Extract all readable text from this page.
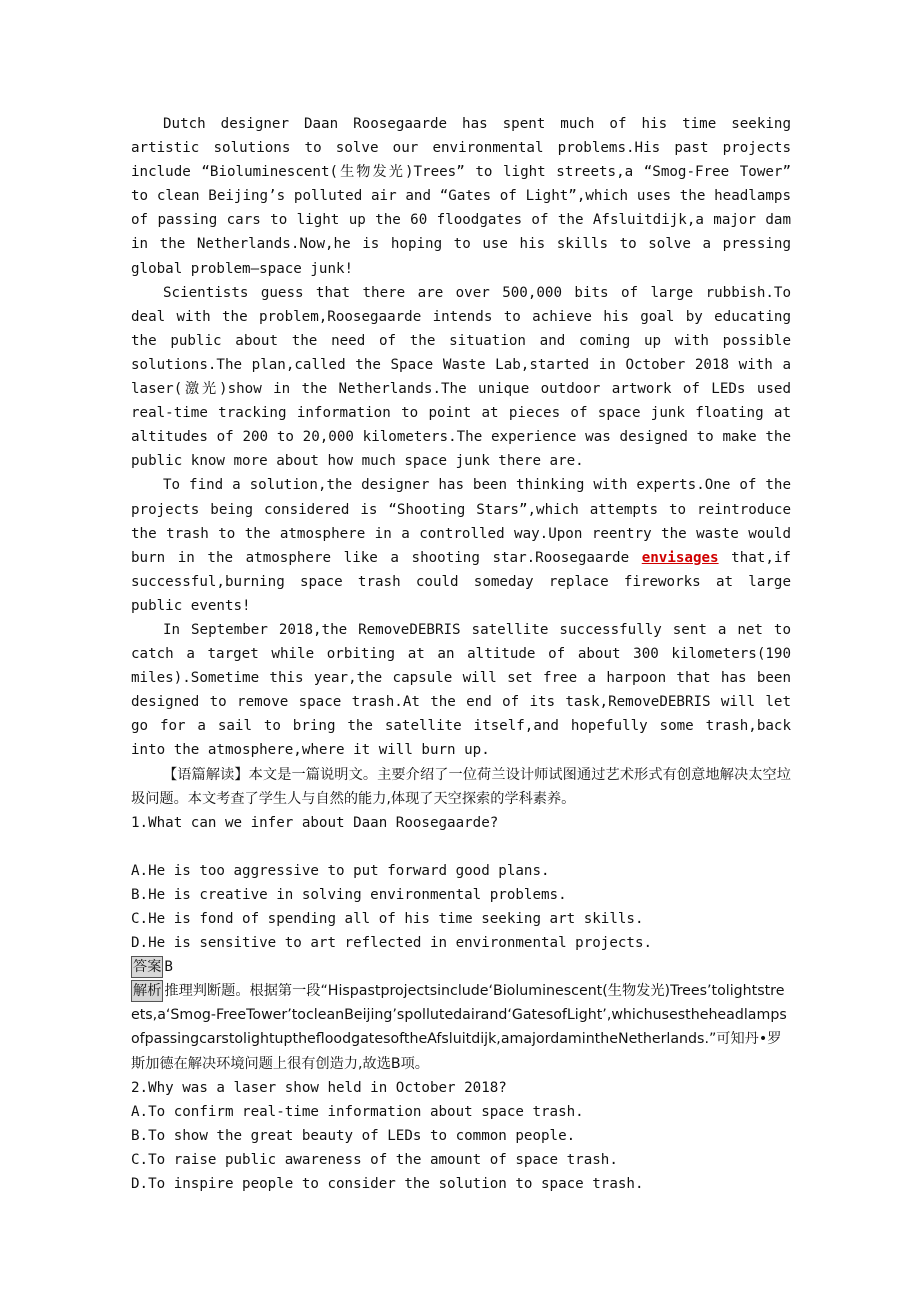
Dutch designer Daan Roosegaarde has spent much of his time seeking artistic solutions to solve our environmental problems.His past projects include “Bioluminescent(生物发光)Trees” to light streets,a “Smog-Free Tower” to clean Beijing’s polluted air and “Gates of Light”,which uses the headlamps of passing cars to light up the 60 floodgates of the Afsluitdijk,a major dam in the Netherlands.Now,he is hoping to use his skills to solve a pressing global problem—space junk!

Scientists guess that there are over 500,000 bits of large rubbish.To deal with the problem,Roosegaarde intends to achieve his goal by educating the public about the need of the situation and coming up with possible solutions.The plan,called the Space Waste Lab,started in October 2018 with a laser(激光)show in the Netherlands.The unique outdoor artwork of LEDs used real-time tracking information to point at pieces of space junk floating at altitudes of 200 to 20,000 kilometers.The experience was designed to make the public know more about how much space junk there are.

To find a solution,the designer has been thinking with experts.One of the projects being considered is “Shooting Stars”,which attempts to reintroduce the trash to the atmosphere in a controlled way.Upon reentry the waste would burn in the atmosphere like a shooting star.Roosegaarde envisages that,if successful,burning space trash could someday replace fireworks at large public events!

In September 2018,the RemoveDEBRIS satellite successfully sent a net to catch a target while orbiting at an altitude of about 300 kilometers(190 miles).Sometime this year,the capsule will set free a harpoon that has been designed to remove space trash.At the end of its task,RemoveDEBRIS will let go for a sail to bring the satellite itself,and hopefully some trash,back into the atmosphere,where it will burn up.

【语篇解读】本文是一篇说明文。主要介绍了一位荷兰设计师试图通过艺术形式有创意地解决太空垃圾问题。本文考查了学生人与自然的能力,体现了天空探索的学科素养。

1.What can we infer about Daan Roosegaarde?

A.He is too aggressive to put forward good plans.

B.He is creative in solving environmental problems.

C.He is fond of spending all of his time seeking art skills.

D.He is sensitive to art reflected in environmental projects.

答案 B

解析 推理判断题。根据第一段“Hispastprojectsinclude‘Bioluminescent(生物发光)Trees’tolightstreets,a‘Smog-FreeTower’tocleanBeijing’spollutedairand‘GatesofLight’,whichusestheheadlampsofpassingcarstolightupthefloodgatesoftheAfsluitdijk,amajordamintheNetherlands.”可知丹•罗斯加德在解决环境问题上很有创造力,故选B项。

2.Why was a laser show held in October 2018?

A.To confirm real-time information about space trash.

B.To show the great beauty of LEDs to common people.

C.To raise public awareness of the amount of space trash.

D.To inspire people to consider the solution to space trash.
